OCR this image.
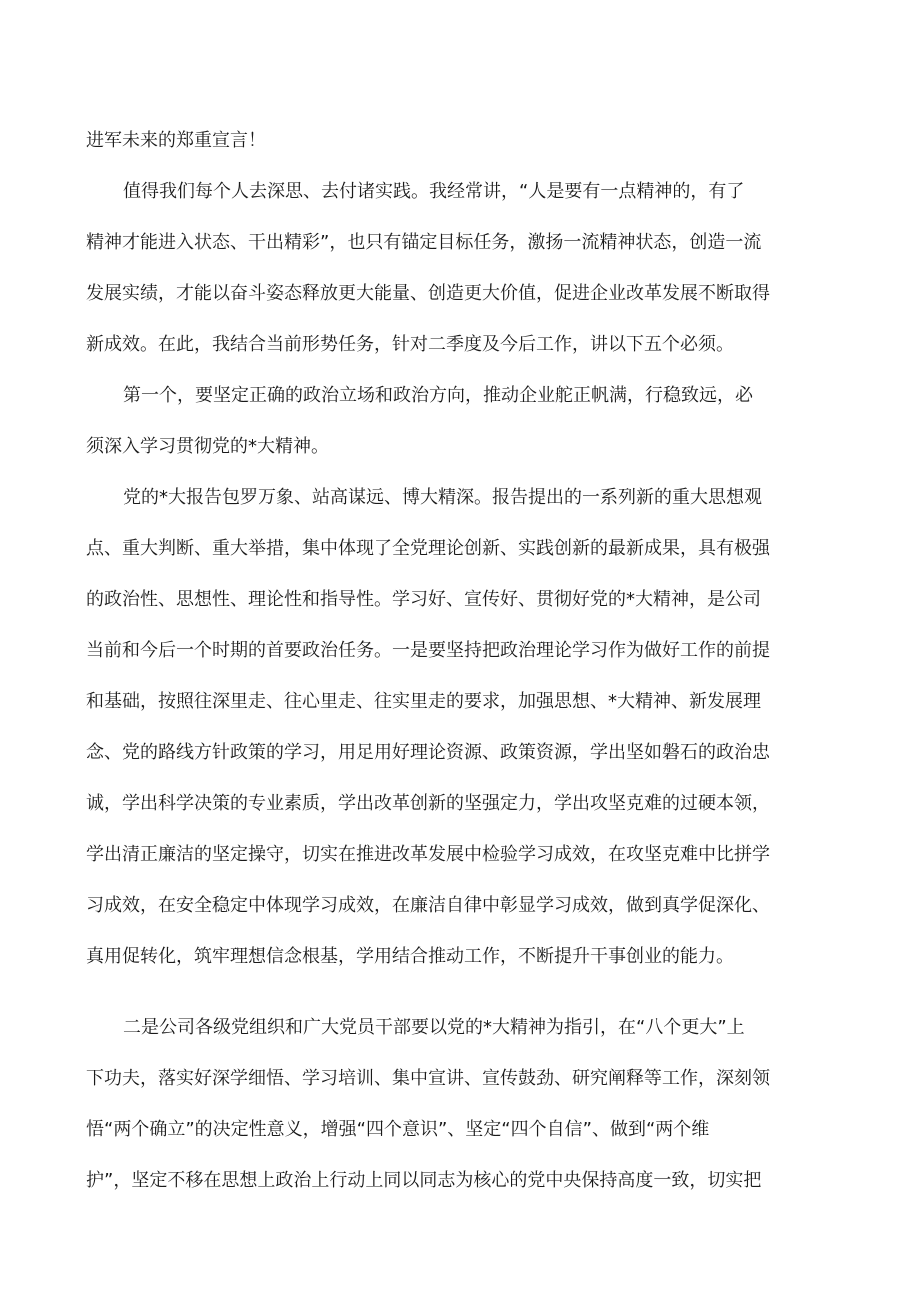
进军未来的郑重宣言！
值得我们每个人去深思、去付诸实践。我经常讲，“人是要有一点精神的，有了
精神才能进入状态、干出精彩”，也只有锚定目标任务，激扬一流精神状态，创造一流
发展实绩，才能以奋斗姿态释放更大能量、创造更大价值，促进企业改革发展不断取得
新成效。在此，我结合当前形势任务，针对二季度及今后工作，讲以下五个必须。
第一个，要坚定正确的政治立场和政治方向，推动企业舵正帆满，行稳致远，必
须深入学习贯彻党的*大精神。
党的*大报告包罗万象、站高谋远、博大精深。报告提出的一系列新的重大思想观
点、重大判断、重大举措，集中体现了全党理论创新、实践创新的最新成果，具有极强
的政治性、思想性、理论性和指导性。学习好、宣传好、贯彻好党的*大精神，是公司
当前和今后一个时期的首要政治任务。一是要坚持把政治理论学习作为做好工作的前提
和基础，按照往深里走、往心里走、往实里走的要求，加强思想、*大精神、新发展理
念、党的路线方针政策的学习，用足用好理论资源、政策资源，学出坚如磐石的政治忠
诚，学出科学决策的专业素质，学出改革创新的坚强定力，学出攻坚克难的过硬本领，
学出清正廉洁的坚定操守，切实在推进改革发展中检验学习成效，在攻坚克难中比拼学
习成效，在安全稳定中体现学习成效，在廉洁自律中彰显学习成效，做到真学促深化、
真用促转化，筑牢理想信念根基，学用结合推动工作，不断提升干事创业的能力。
二是公司各级党组织和广大党员干部要以党的*大精神为指引，在“八个更大”上
下功夫，落实好深学细悟、学习培训、集中宣讲、宣传鼓劲、研究阐释等工作，深刻领
悟“两个确立”的决定性意义，增强“四个意识”、坚定“四个自信”、做到“两个维
护”，坚定不移在思想上政治上行动上同以同志为核心的党中央保持高度一致，切实把
